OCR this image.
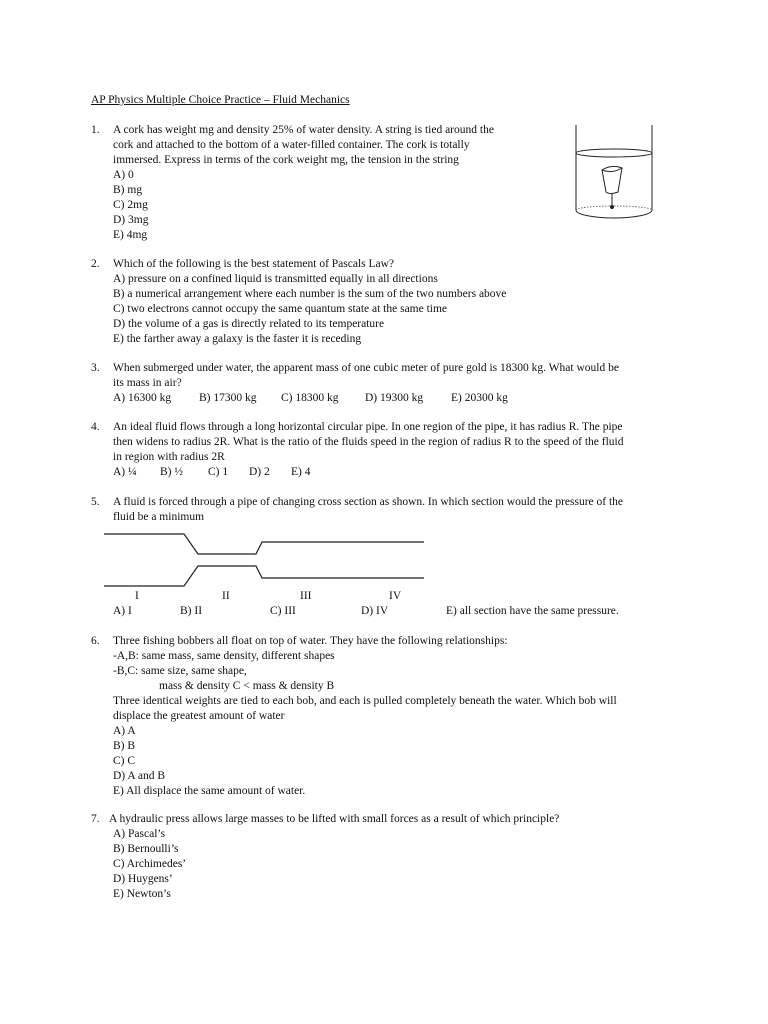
AP Physics Multiple Choice Practice – Fluid Mechanics
1. A cork has weight mg and density 25% of water density. A string is tied around the
cork and attached to the bottom of a water-filled container. The cork is totally
immersed. Express in terms of the cork weight mg, the tension in the string
A) 0
B) mg
C) 2mg
D) 3mg
E) 4mg
2. Which of the following is the best statement of Pascals Law?
A) pressure on a confined liquid is transmitted equally in all directions
B) a numerical arrangement where each number is the sum of the two numbers above
C) two electrons cannot occupy the same quantum state at the same time
D) the volume of a gas is directly related to its temperature
E) the farther away a galaxy is the faster it is receding
3. When submerged under water, the apparent mass of one cubic meter of pure gold is 18300 kg. What would be
its mass in air?
A) 16300 kg B) 17300 kg C) 18300 kg D) 19300 kg E) 20300 kg
4. An ideal fluid flows through a long horizontal circular pipe. In one region of the pipe, it has radius R. The pipe
then widens to radius 2R. What is the ratio of the fluids speed in the region of radius R to the speed of the fluid
in region with radius 2R
A) ¼ B) ½ C) 1 D) 2 E) 4
5. A fluid is forced through a pipe of changing cross section as shown. In which section would the pressure of the
fluid be a minimum
I	II	III	IV
A) I	B) II	C) III	D) IV	E) all section have the same pressure.
6. Three fishing bobbers all float on top of water. They have the following relationships:
-A,B: same mass, same density, different shapes
-B,C: same size, same shape,
mass & density C < mass & density B
Three identical weights are tied to each bob, and each is pulled completely beneath the water. Which bob will
displace the greatest amount of water
A) A
B) B
C) C
D) A and B
E) All displace the same amount of water.
7. A hydraulic press allows large masses to be lifted with small forces as a result of which principle?
A) Pascal’s
B) Bernoulli’s
C) Archimedes’
D) Huygens’
E) Newton’s
